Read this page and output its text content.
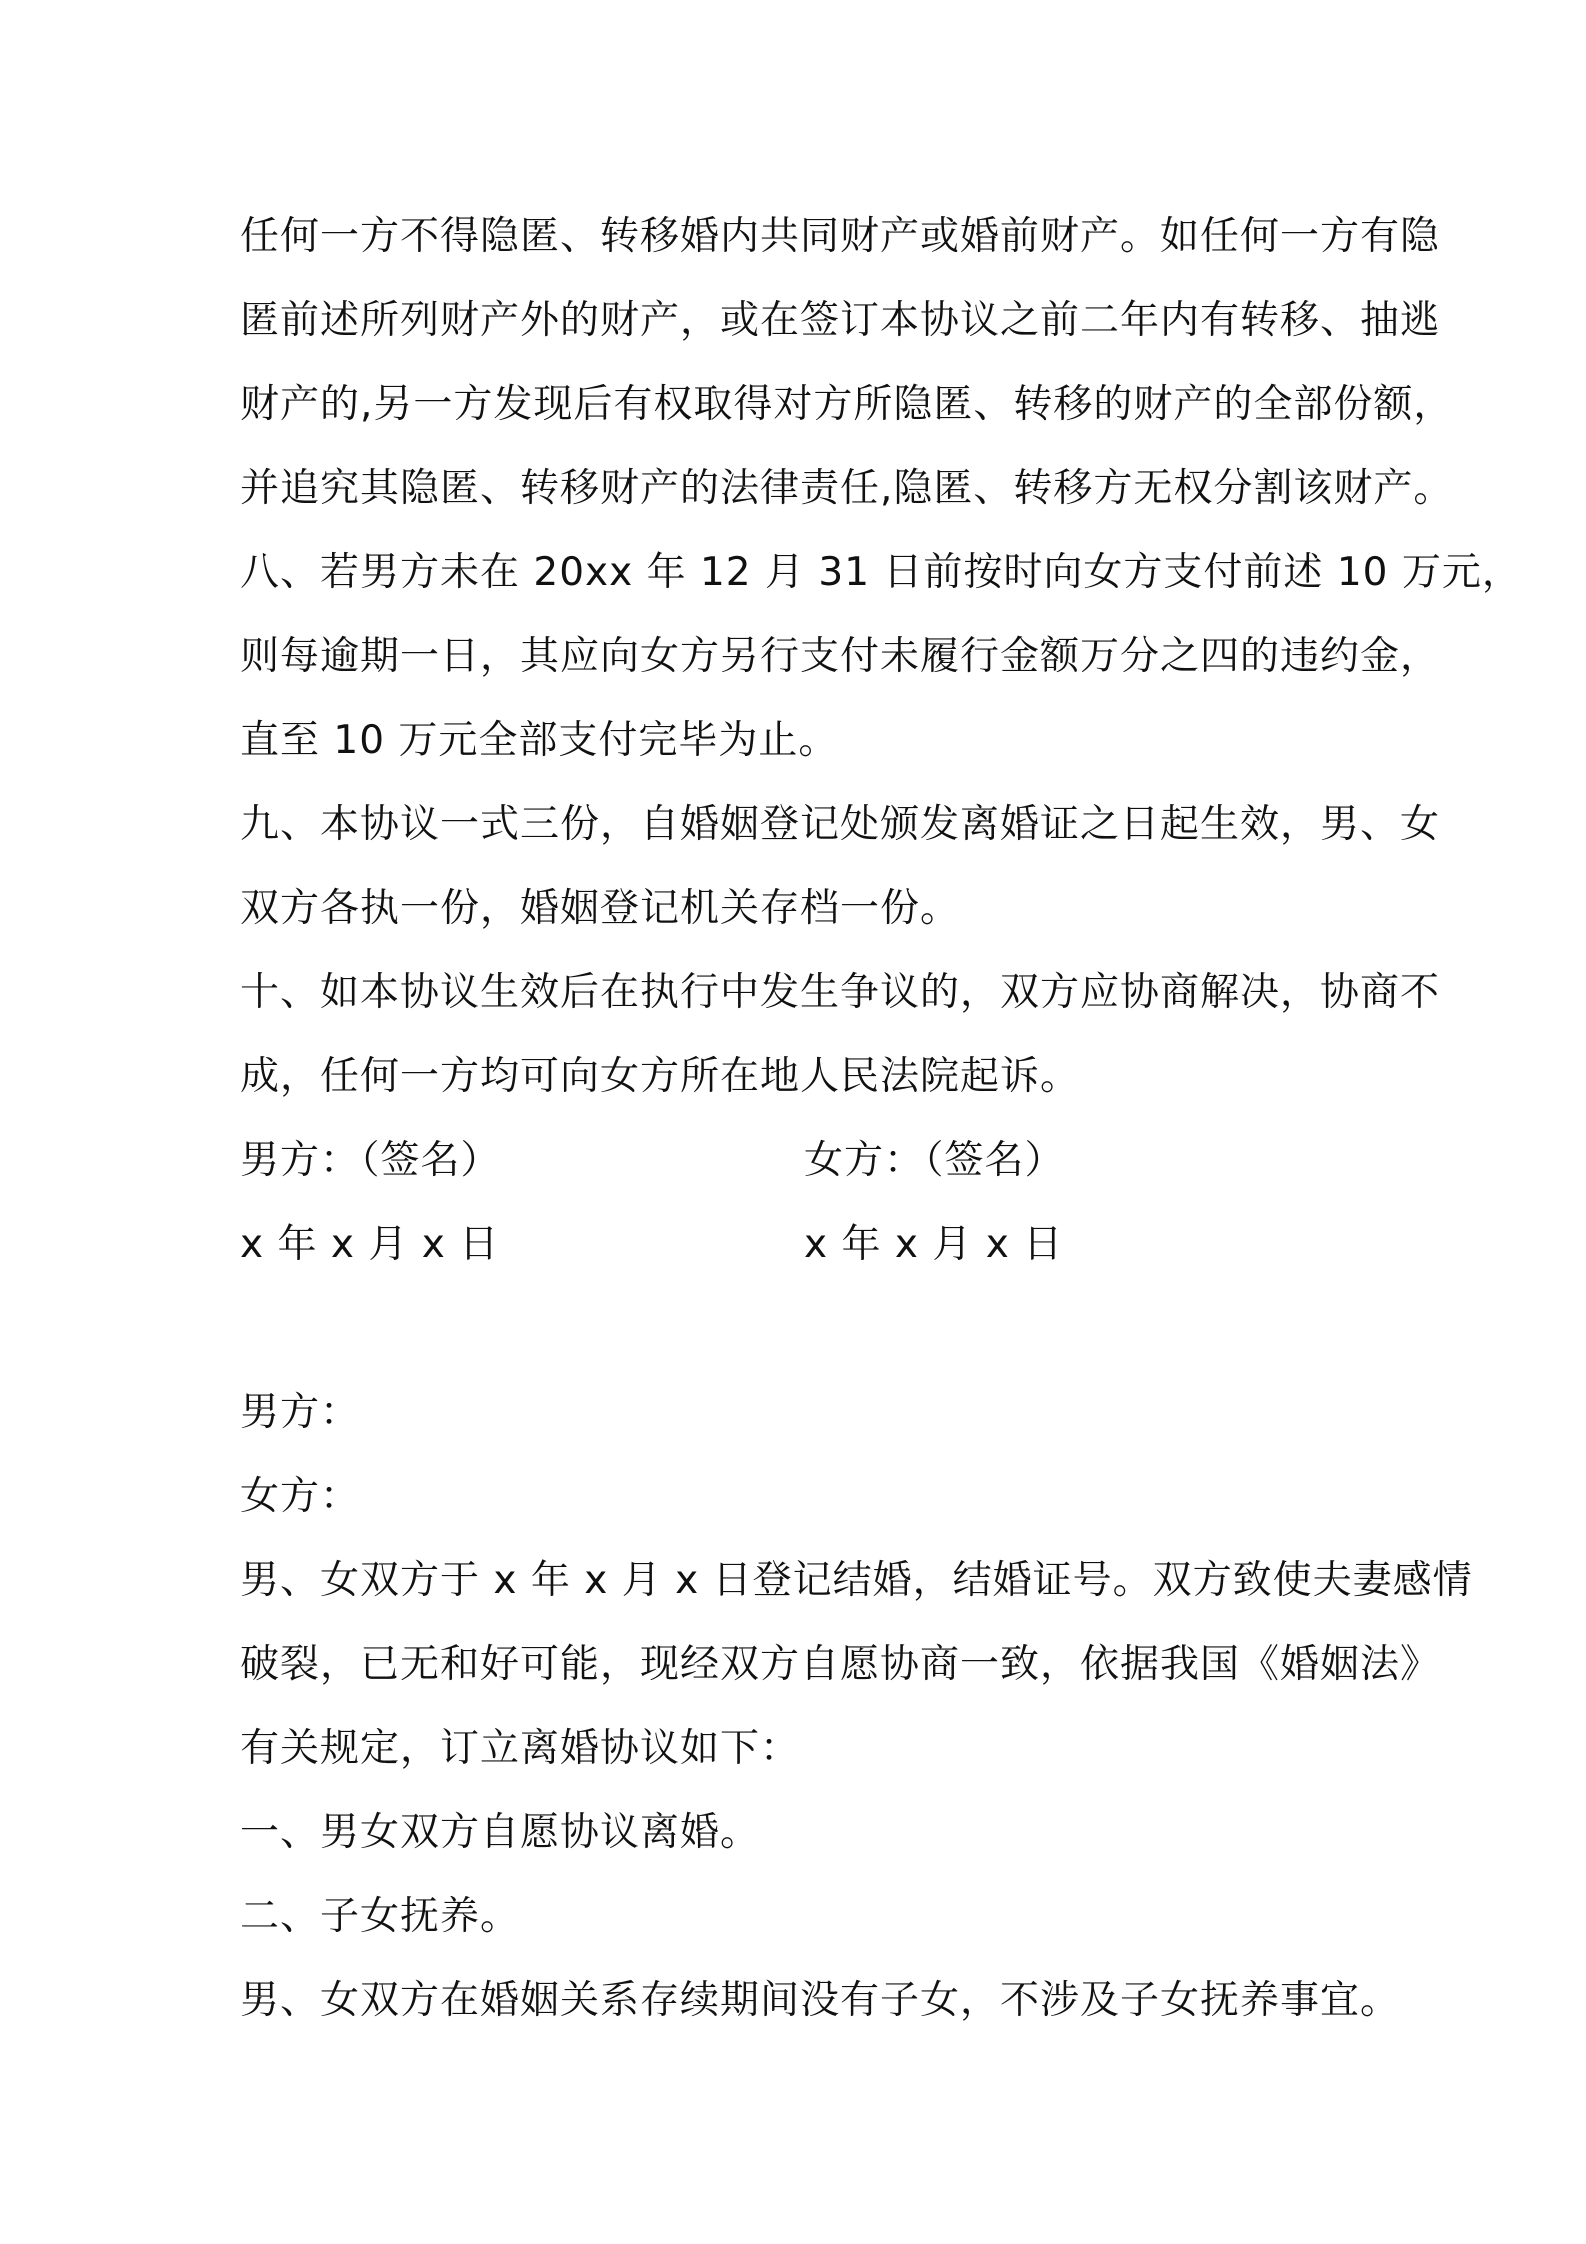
任何一方不得隐匿、转移婚内共同财产或婚前财产。如任何一方有隐
匿前述所列财产外的财产，或在签订本协议之前二年内有转移、抽逃
财产的,另一方发现后有权取得对方所隐匿、转移的财产的全部份额，
并追究其隐匿、转移财产的法律责任,隐匿、转移方无权分割该财产。
八、若男方未在 20xx 年 12 月 31 日前按时向女方支付前述 10 万元，
则每逾期一日，其应向女方另行支付未履行金额万分之四的违约金，
直至 10 万元全部支付完毕为止。
九、本协议一式三份，自婚姻登记处颁发离婚证之日起生效，男、女
双方各执一份，婚姻登记机关存档一份。
十、如本协议生效后在执行中发生争议的，双方应协商解决，协商不
成，任何一方均可向女方所在地人民法院起诉。
男方：（签名）	女方：（签名）
x 年 x 月 x 日	x 年 x 月 x 日
男方：
女方：
男、女双方于 x 年 x 月 x 日登记结婚，结婚证号。双方致使夫妻感情
破裂，已无和好可能，现经双方自愿协商一致，依据我国《婚姻法》
有关规定，订立离婚协议如下：
一、男女双方自愿协议离婚。
二、子女抚养。
男、女双方在婚姻关系存续期间没有子女，不涉及子女抚养事宜。
